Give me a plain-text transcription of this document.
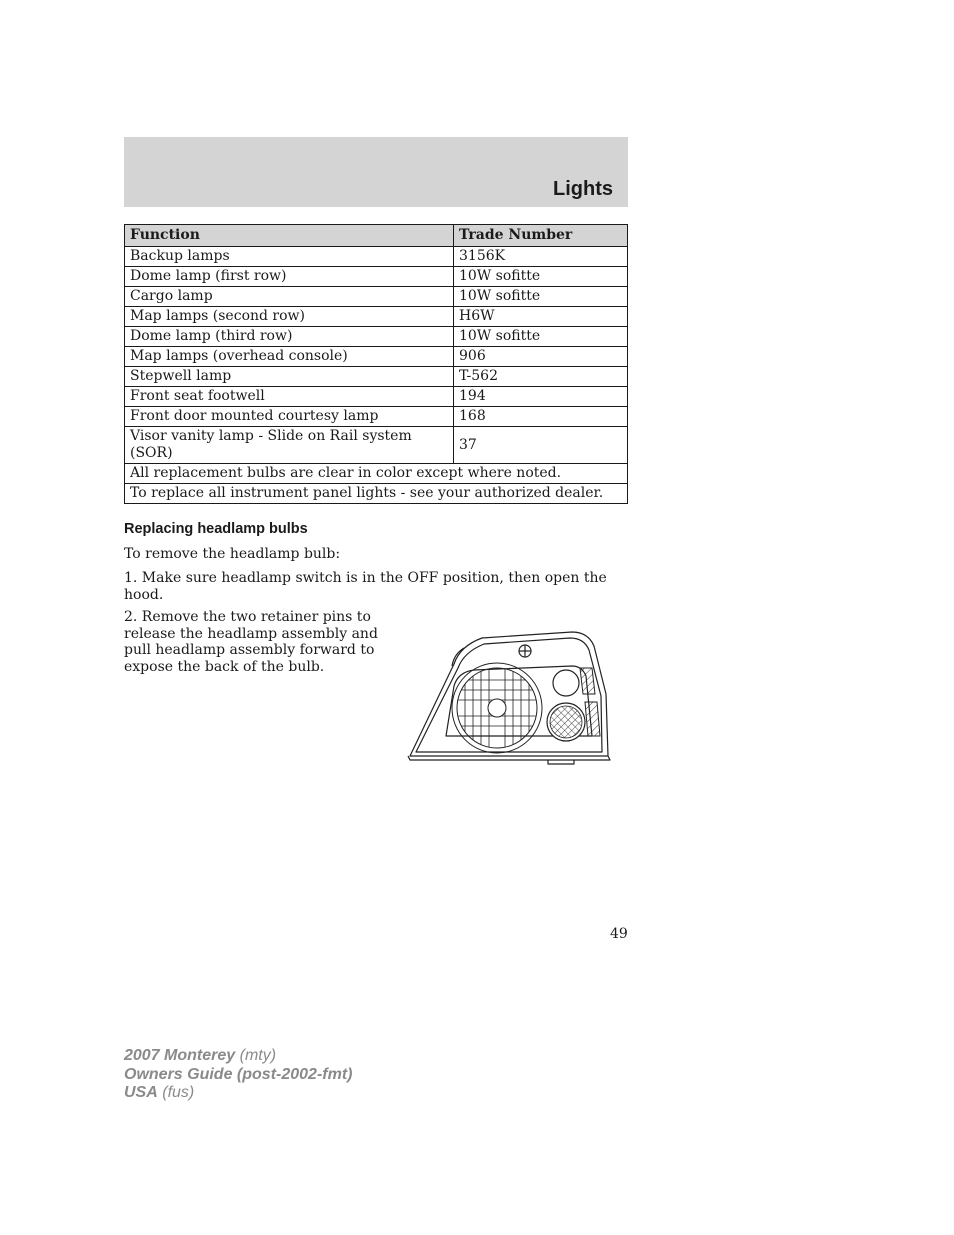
Lights
Function	Trade Number
Backup lamps	3156K
Dome lamp (first row)	10W sofitte
Cargo lamp	10W sofitte
Map lamps (second row)	H6W
Dome lamp (third row)	10W sofitte
Map lamps (overhead console)	906
Stepwell lamp	T-562
Front seat footwell	194
Front door mounted courtesy lamp	168
Visor vanity lamp - Slide on Rail system (SOR)	37
All replacement bulbs are clear in color except where noted.	
To replace all instrument panel lights - see your authorized dealer.	
Replacing headlamp bulbs

To remove the headlamp bulb:

1. Make sure headlamp switch is in the OFF position, then open the hood.

2. Remove the two retainer pins to release the headlamp assembly and pull headlamp assembly forward to expose the back of the bulb.

49

2007 Monterey (mty)
Owners Guide (post-2002-fmt)
USA (fus)
